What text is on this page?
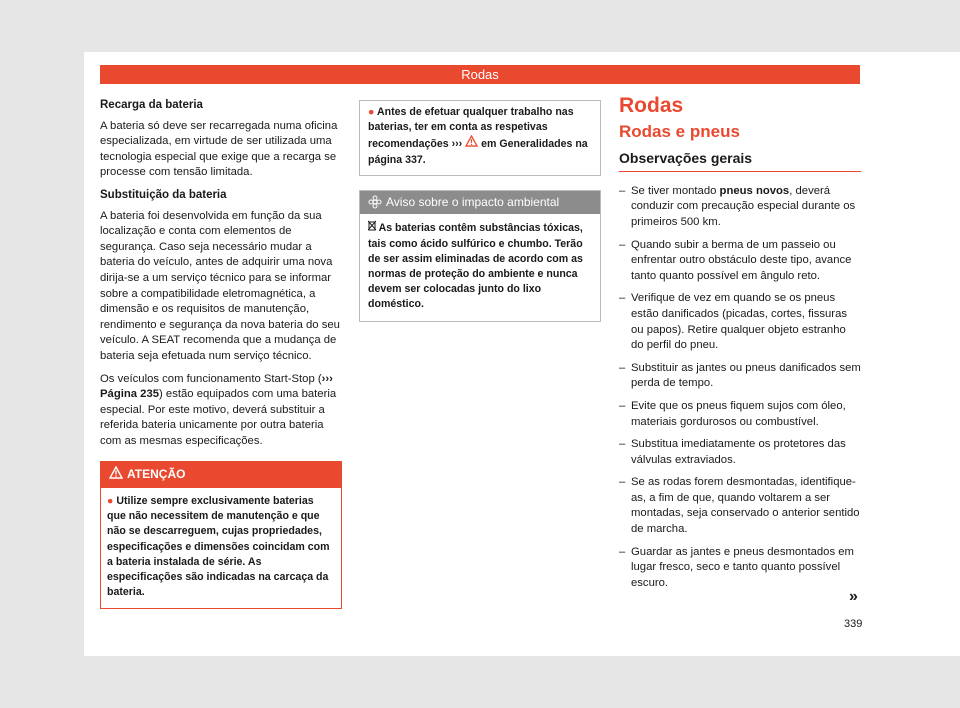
Rodas
Recarga da bateria

A bateria só deve ser recarregada numa oficina especializada, em virtude de ser utilizada uma tecnologia especial que exige que a recarga se processe com tensão limitada.

Substituição da bateria

A bateria foi desenvolvida em função da sua localização e conta com elementos de segurança. Caso seja necessário mudar a bateria do veículo, antes de adquirir uma nova dirija-se a um serviço técnico para se informar sobre a compatibilidade eletromagnética, a dimensão e os requisitos de manutenção, rendimento e segurança da nova bateria do seu veículo. A SEAT recomenda que a mudança de bateria seja efetuada num serviço técnico.

Os veículos com funcionamento Start-Stop (››› Página 235) estão equipados com uma bateria especial. Por este motivo, deverá substituir a referida bateria unicamente por outra bateria com as mesmas especificações.

ATENÇÃO
● Utilize sempre exclusivamente baterias que não necessitem de manutenção e que não se descarreguem, cujas propriedades, especificações e dimensões coincidam com a bateria instalada de série. As especificações são indicadas na carcaça da bateria.
● Antes de efetuar qualquer trabalho nas baterias, ter em conta as respetivas recomendações ››› em Generalidades na página 337.
Aviso sobre o impacto ambiental
As baterias contêm substâncias tóxicas, tais como ácido sulfúrico e chumbo. Terão de ser assim eliminadas de acordo com as normas de proteção do ambiente e nunca devem ser colocadas junto do lixo doméstico.
Rodas
Rodas e pneus
Observações gerais
– Se tiver montado pneus novos, deverá conduzir com precaução especial durante os primeiros 500 km.
– Quando subir a berma de um passeio ou enfrentar outro obstáculo deste tipo, avance tanto quanto possível em ângulo reto.
– Verifique de vez em quando se os pneus estão danificados (picadas, cortes, fissuras ou papos). Retire qualquer objeto estranho do perfil do pneu.
– Substituir as jantes ou pneus danificados sem perda de tempo.
– Evite que os pneus fiquem sujos com óleo, materiais gordurosos ou combustível.
– Substitua imediatamente os protetores das válvulas extraviados.
– Se as rodas forem desmontadas, identifique-as, a fim de que, quando voltarem a ser montadas, seja conservado o anterior sentido de marcha.
– Guardar as jantes e pneus desmontados em lugar fresco, seco e tanto quanto possível escuro.
»
339
